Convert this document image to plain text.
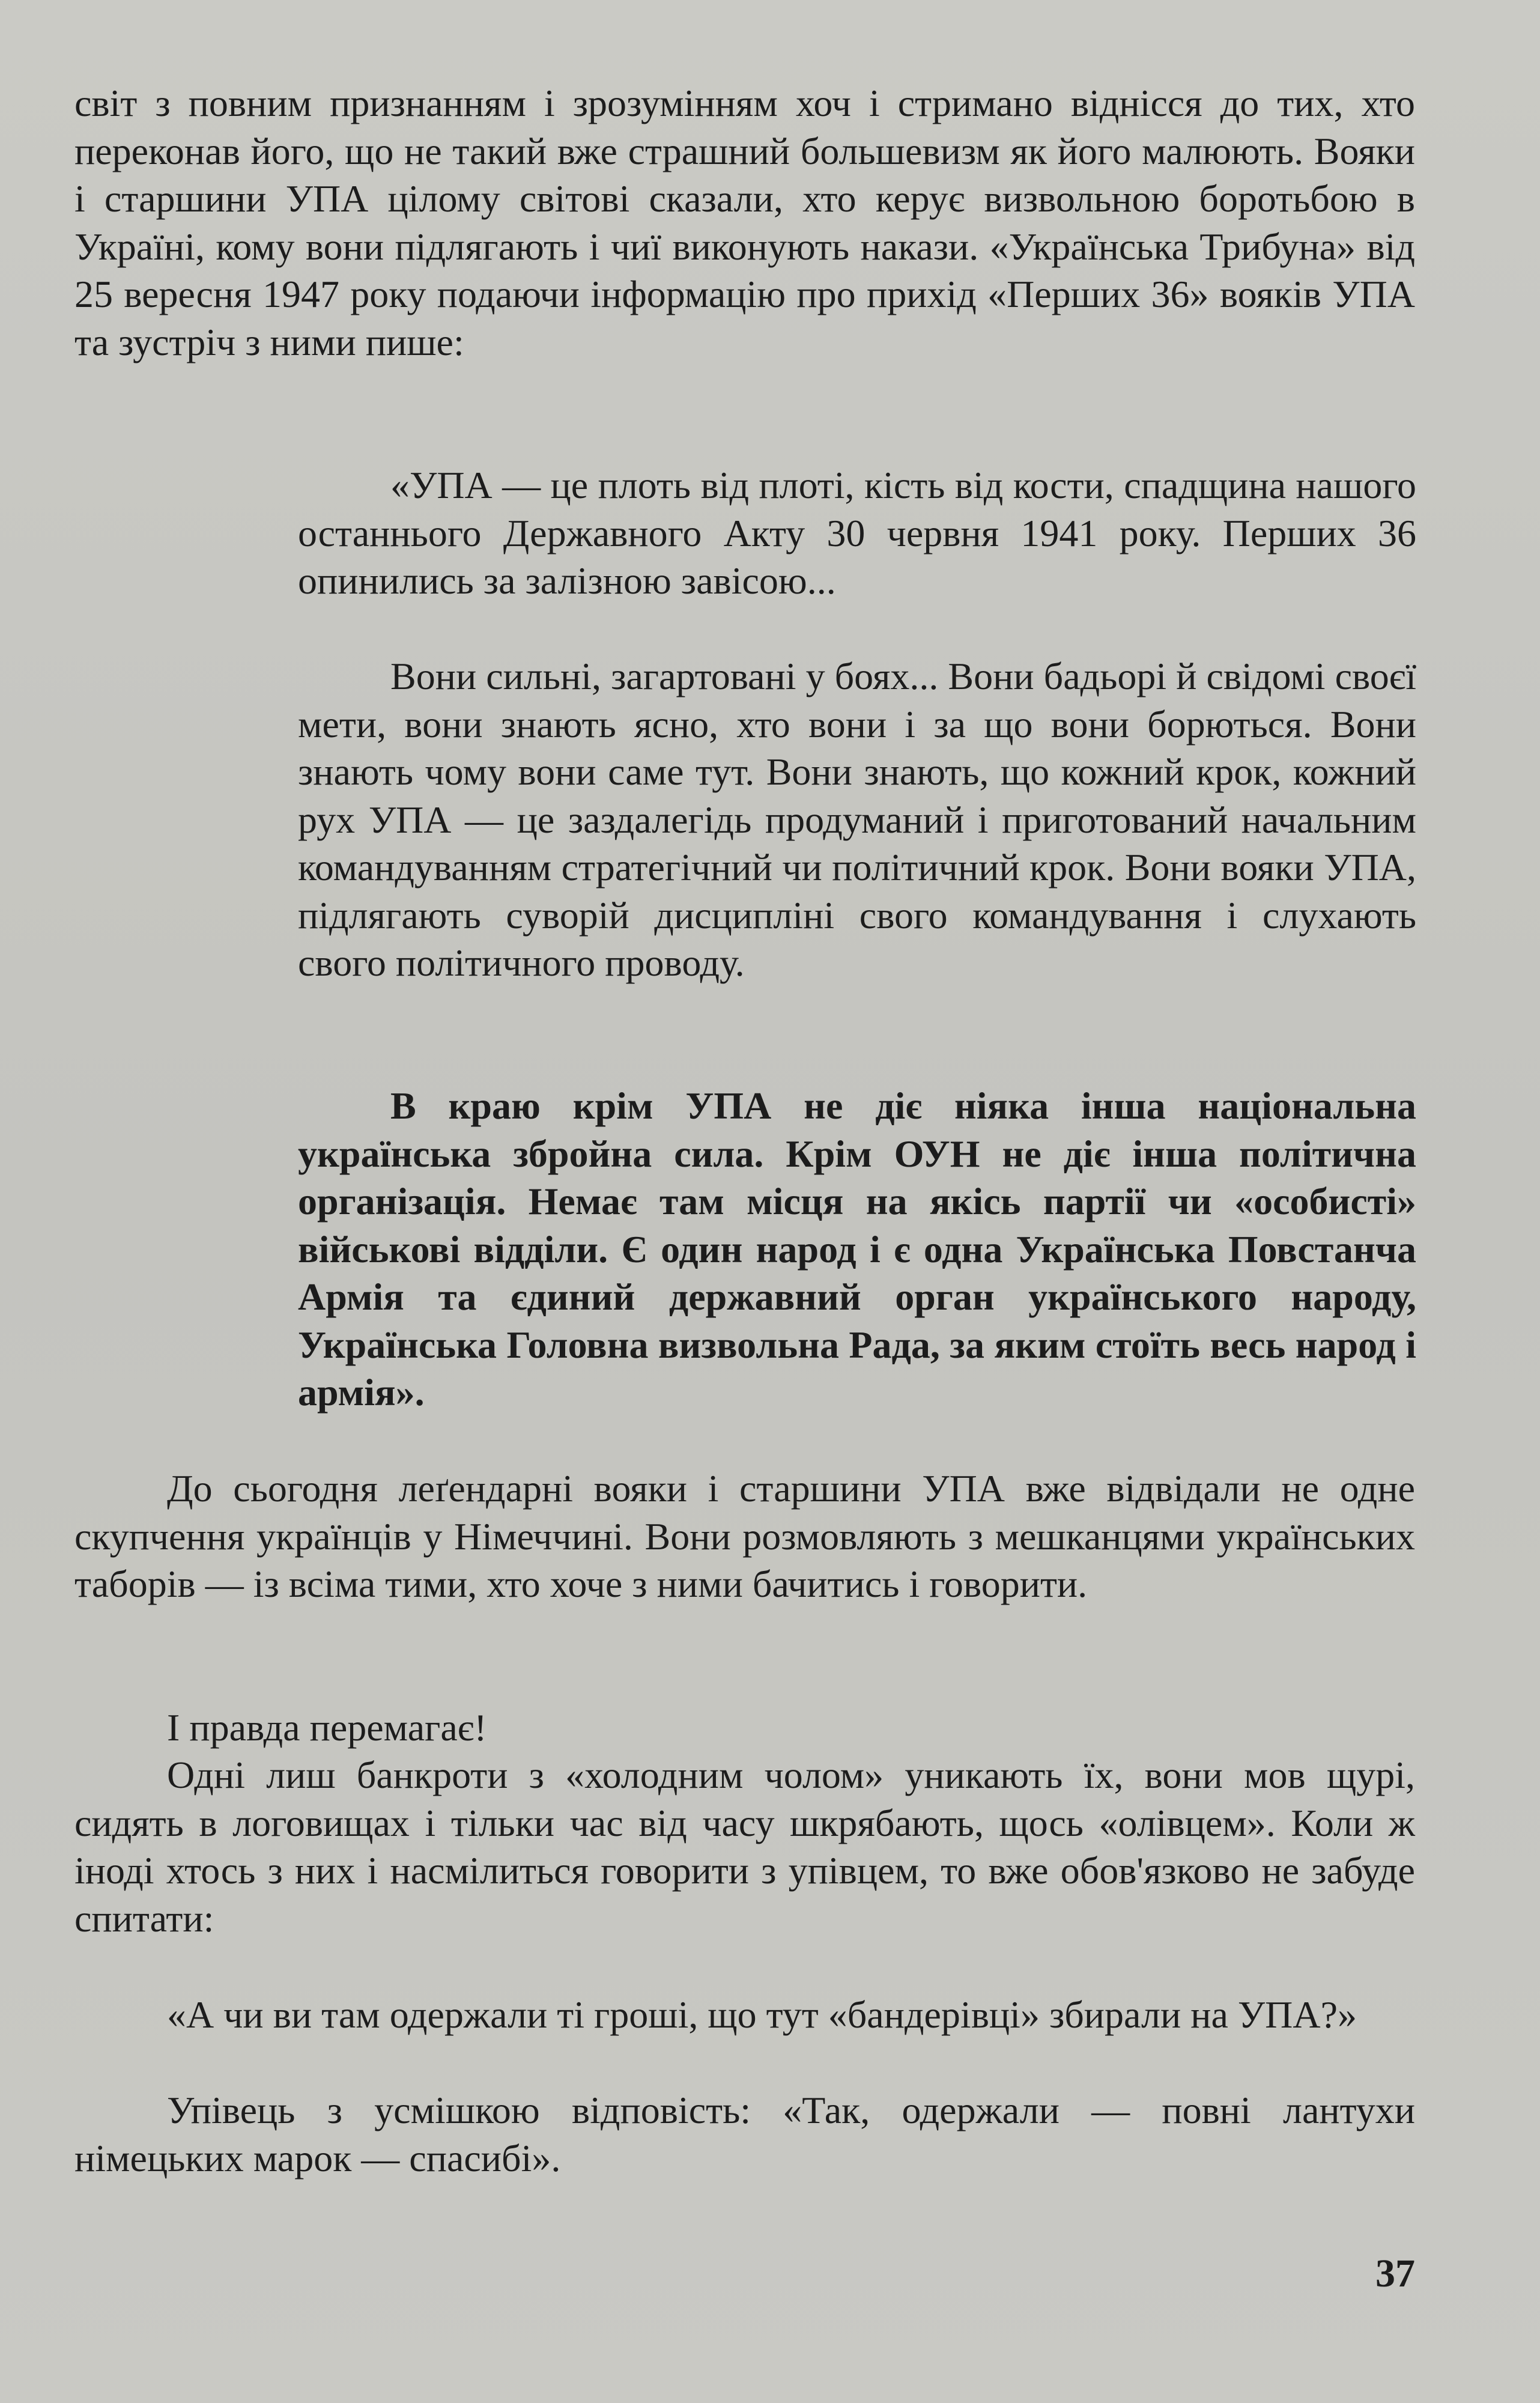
світ з повним признанням і зрозумінням хоч і стримано віднісся до тих, хто переконав його, що не такий вже страшний большевизм як його малюють. Вояки і старшини УПА цілому світові сказали, хто керує визвольною боротьбою в Україні, кому вони підлягають і чиї виконують накази. «Українська Трибуна» від 25 вересня 1947 року подаючи інформацію про прихід «Перших 36» вояків УПА та зустріч з ними пише:

«УПА — це плоть від плоті, кість від кости, спадщина нашого останнього Державного Акту 30 червня 1941 року. Перших 36 опинились за залізною завісою...

Вони сильні, загартовані у боях... Вони бадьорі й свідомі своєї мети, вони знають ясно, хто вони і за що вони борються. Вони знають чому вони саме тут. Вони знають, що кожний крок, кожний рух УПА — це заздалегідь продуманий і приготований начальним командуванням стратегічний чи політичний крок. Вони вояки УПА, підлягають суворій дисципліні свого командування і слухають свого політичного проводу.

В краю крім УПА не діє ніяка інша національна українська збройна сила. Крім ОУН не діє інша політична організація. Немає там місця на якісь партії чи «особисті» військові відділи. Є один народ і є одна Українська Повстанча Армія та єдиний державний орган українського народу, Українська Головна визвольна Рада, за яким стоїть весь народ і армія».

До сьогодня леґендарні вояки і старшини УПА вже відвідали не одне скупчення українців у Німеччині. Вони розмовляють з мешканцями українських таборів — із всіма тими, хто хоче з ними бачитись і говорити.

І правда перемагає!

Одні лиш банкроти з «холодним чолом» уникають їх, вони мов щурі, сидять в логовищах і тільки час від часу шкрябають, щось «олівцем». Коли ж іноді хтось з них і насмілиться говорити з упівцем, то вже обов'язково не забуде спитати:

«А чи ви там одержали ті гроші, що тут «бандерівці» збирали на УПА?»

Упівець з усмішкою відповість: «Так, одержали — повні лантухи німецьких марок — спасибі».

37
